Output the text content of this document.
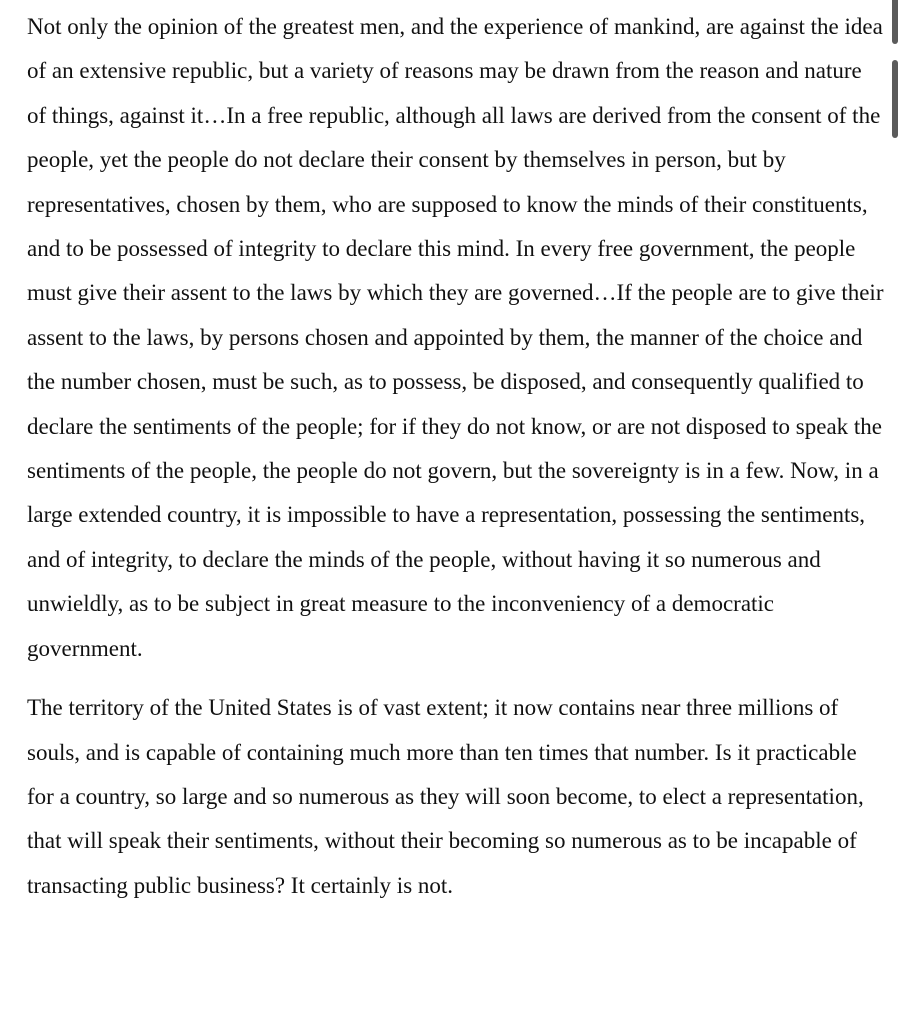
Not only the opinion of the greatest men, and the experience of mankind, are against the idea of an extensive republic, but a variety of reasons may be drawn from the reason and nature of things, against it…In a free republic, although all laws are derived from the consent of the people, yet the people do not declare their consent by themselves in person, but by representatives, chosen by them, who are supposed to know the minds of their constituents, and to be possessed of integrity to declare this mind. In every free government, the people must give their assent to the laws by which they are governed…If the people are to give their assent to the laws, by persons chosen and appointed by them, the manner of the choice and the number chosen, must be such, as to possess, be disposed, and consequently qualified to declare the sentiments of the people; for if they do not know, or are not disposed to speak the sentiments of the people, the people do not govern, but the sovereignty is in a few. Now, in a large extended country, it is impossible to have a representation, possessing the sentiments, and of integrity, to declare the minds of the people, without having it so numerous and unwieldly, as to be subject in great measure to the inconveniency of a democratic government.

The territory of the United States is of vast extent; it now contains near three millions of souls, and is capable of containing much more than ten times that number. Is it practicable for a country, so large and so numerous as they will soon become, to elect a representation, that will speak their sentiments, without their becoming so numerous as to be incapable of transacting public business? It certainly is not.
